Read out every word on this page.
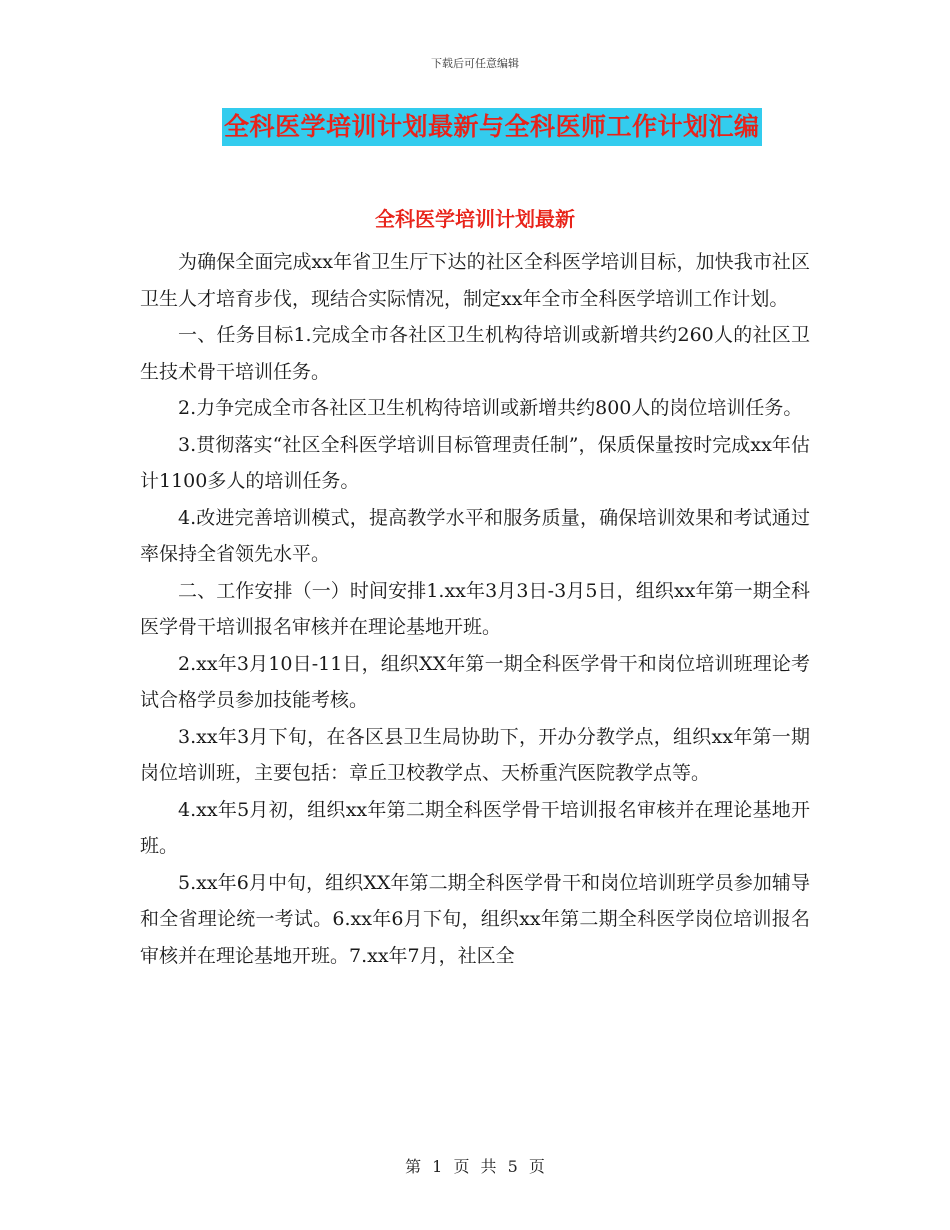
下载后可任意编辑
全科医学培训计划最新与全科医师工作计划汇编
全科医学培训计划最新

为确保全面完成xx年省卫生厅下达的社区全科医学培训目标，加快我市社区卫生人才培育步伐，现结合实际情况，制定xx年全市全科医学培训工作计划。

一、任务目标1.完成全市各社区卫生机构待培训或新增共约260人的社区卫生技术骨干培训任务。

2.力争完成全市各社区卫生机构待培训或新增共约800人的岗位培训任务。

3.贯彻落实“社区全科医学培训目标管理责任制”，保质保量按时完成xx年估计1100多人的培训任务。

4.改进完善培训模式，提高教学水平和服务质量，确保培训效果和考试通过率保持全省领先水平。

二、工作安排（一）时间安排1.xx年3月3日-3月5日，组织xx年第一期全科医学骨干培训报名审核并在理论基地开班。

2.xx年3月10日-11日，组织XX年第一期全科医学骨干和岗位培训班理论考试合格学员参加技能考核。

3.xx年3月下旬，在各区县卫生局协助下，开办分教学点，组织xx年第一期岗位培训班，主要包括：章丘卫校教学点、天桥重汽医院教学点等。

4.xx年5月初，组织xx年第二期全科医学骨干培训报名审核并在理论基地开班。

5.xx年6月中旬，组织XX年第二期全科医学骨干和岗位培训班学员参加辅导和全省理论统一考试。6.xx年6月下旬，组织xx年第二期全科医学岗位培训报名审核并在理论基地开班。7.xx年7月，社区全

第 1 页 共 5 页
